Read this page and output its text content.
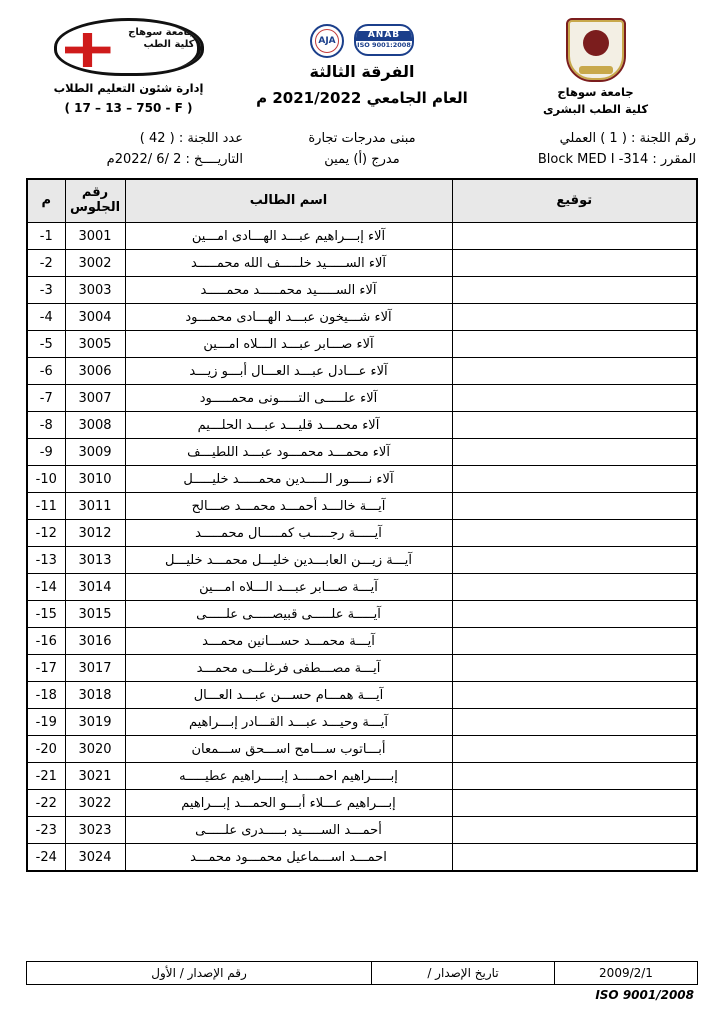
جامعة سوهاج
كلية الطب البشرى
ANAB
ISO 9001:2008
AJA
الفرقة الثالثة
العام الجامعي 2021/2022 م
جامعة سوهاج
كلية الطب
إدارة شئون التعليم الطلاب
( 17 – 13 – 750 - F )
رقم اللجنة : ( 1 ) العملي
مبنى مدرجات تجارة
عدد اللجنة : ( 42 )
المقرر : Block MED I -314
مدرج (أ) يمين
التاريــــخ : 2 /6 /2022م
توقيع	اسم الطالب	رقم الجلوس	م
	آلاء إبـــراهيم عبـــد الهـــادى امـــين	3001	1-
	آلاء الســـــيد خلـــــف الله محمـــــد	3002	2-
	آلاء الســـــيد محمـــــد محمـــــد	3003	3-
	آلاء شـــيخون عبـــد الهـــادى محمـــود	3004	4-
	آلاء صـــابر عبـــد الـــلاه امـــين	3005	5-
	آلاء عـــادل عبـــد العـــال أبـــو زيـــد	3006	6-
	آلاء علـــــى التـــــونى محمـــــود	3007	7-
	آلاء محمـــد قليـــد عبـــد الحلـــيم	3008	8-
	آلاء محمـــد محمـــود عبـــد اللطيـــف	3009	9-
	آلاء نـــــور الـــــدين محمـــــد خليـــــل	3010	10-
	آيـــة خالـــد أحمـــد محمـــد صـــالح	3011	11-
	آيـــــة رجـــــب كمـــــال محمـــــد	3012	12-
	آيـــة زيـــن العابـــدين خليـــل محمـــد خليـــل	3013	13-
	آيـــة صـــابر عبـــد الـــلاه امـــين	3014	14-
	آيـــــة علـــــى قبيصـــــى علـــــى	3015	15-
	آيـــة محمـــد حســـانين محمـــد	3016	16-
	آيـــة مصـــطفى فرغلـــى محمـــد	3017	17-
	آيـــة همـــام حســـن عبـــد العـــال	3018	18-
	آيـــة وحيـــد عبـــد القـــادر إبـــراهيم	3019	19-
	أبـــاتوب ســـامح اســـحق ســـمعان	3020	20-
	إبـــــراهيم احمـــــد إبـــــراهيم عطيـــــه	3021	21-
	إبـــراهيم عـــلاء أبـــو الحمـــد إبـــراهيم	3022	22-
	أحمـــد الســـــيد بـــــدرى علـــــى	3023	23-
	احمـــد اســـماعيل محمـــود محمـــد	3024	24-
2009/2/1	تاريخ الإصدار /	رقم الإصدار / الأول
ISO 9001/2008
